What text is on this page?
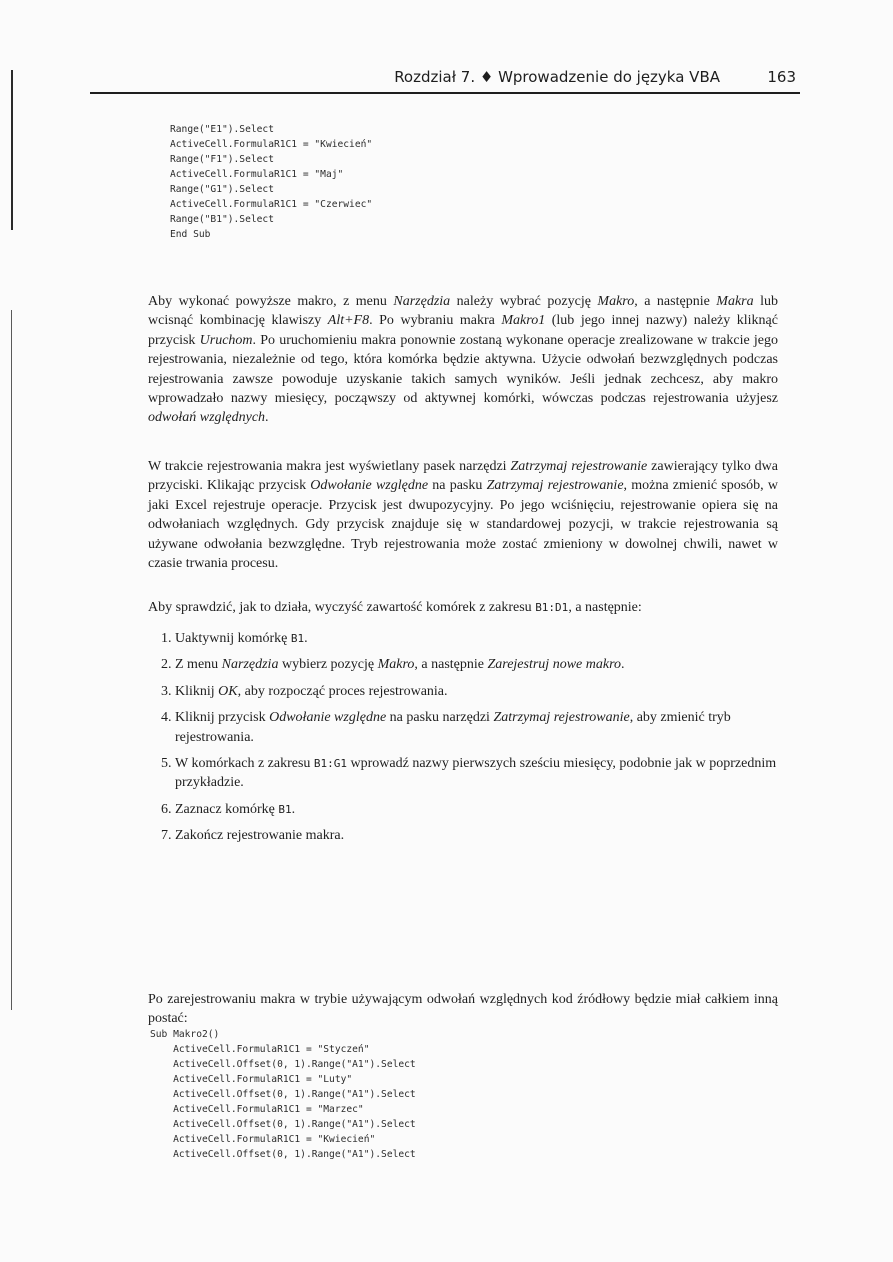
Rozdział 7. ♦ Wprowadzenie do języka VBA	163
Range("E1").Select
ActiveCell.FormulaR1C1 = "Kwiecień"
Range("F1").Select
ActiveCell.FormulaR1C1 = "Maj"
Range("G1").Select
ActiveCell.FormulaR1C1 = "Czerwiec"
Range("B1").Select
End Sub

Aby wykonać powyższe makro, z menu Narzędzia należy wybrać pozycję Makro, a następnie Makra lub wcisnąć kombinację klawiszy Alt+F8. Po wybraniu makra Makro1 (lub jego innej nazwy) należy kliknąć przycisk Uruchom. Po uruchomieniu makra ponownie zostaną wykonane operacje zrealizowane w trakcie jego rejestrowania, niezależnie od tego, która komórka będzie aktywna. Użycie odwołań bezwzględnych podczas rejestrowania zawsze powoduje uzyskanie takich samych wyników. Jeśli jednak zechcesz, aby makro wprowadzało nazwy miesięcy, począwszy od aktywnej komórki, wówczas podczas rejestrowania użyjesz odwołań względnych.

W trakcie rejestrowania makra jest wyświetlany pasek narzędzi Zatrzymaj rejestrowanie zawierający tylko dwa przyciski. Klikając przycisk Odwołanie względne na pasku Zatrzymaj rejestrowanie, można zmienić sposób, w jaki Excel rejestruje operacje. Przycisk jest dwupozycyjny. Po jego wciśnięciu, rejestrowanie opiera się na odwołaniach względnych. Gdy przycisk znajduje się w standardowej pozycji, w trakcie rejestrowania są używane odwołania bezwzględne. Tryb rejestrowania może zostać zmieniony w dowolnej chwili, nawet w czasie trwania procesu.

Aby sprawdzić, jak to działa, wyczyść zawartość komórek z zakresu B1:D1, a następnie:

1. Uaktywnij komórkę B1.
2. Z menu Narzędzia wybierz pozycję Makro, a następnie Zarejestruj nowe makro.
3. Kliknij OK, aby rozpocząć proces rejestrowania.
4. Kliknij przycisk Odwołanie względne na pasku narzędzi Zatrzymaj rejestrowanie, aby zmienić tryb rejestrowania.
5. W komórkach z zakresu B1:G1 wprowadź nazwy pierwszych sześciu miesięcy, podobnie jak w poprzednim przykładzie.
6. Zaznacz komórkę B1.
7. Zakończ rejestrowanie makra.

Po zarejestrowaniu makra w trybie używającym odwołań względnych kod źródłowy będzie miał całkiem inną postać:

Sub Makro2()
ActiveCell.FormulaR1C1 = "Styczeń"
ActiveCell.Offset(0, 1).Range("A1").Select
ActiveCell.FormulaR1C1 = "Luty"
ActiveCell.Offset(0, 1).Range("A1").Select
ActiveCell.FormulaR1C1 = "Marzec"
ActiveCell.Offset(0, 1).Range("A1").Select
ActiveCell.FormulaR1C1 = "Kwiecień"
ActiveCell.Offset(0, 1).Range("A1").Select
